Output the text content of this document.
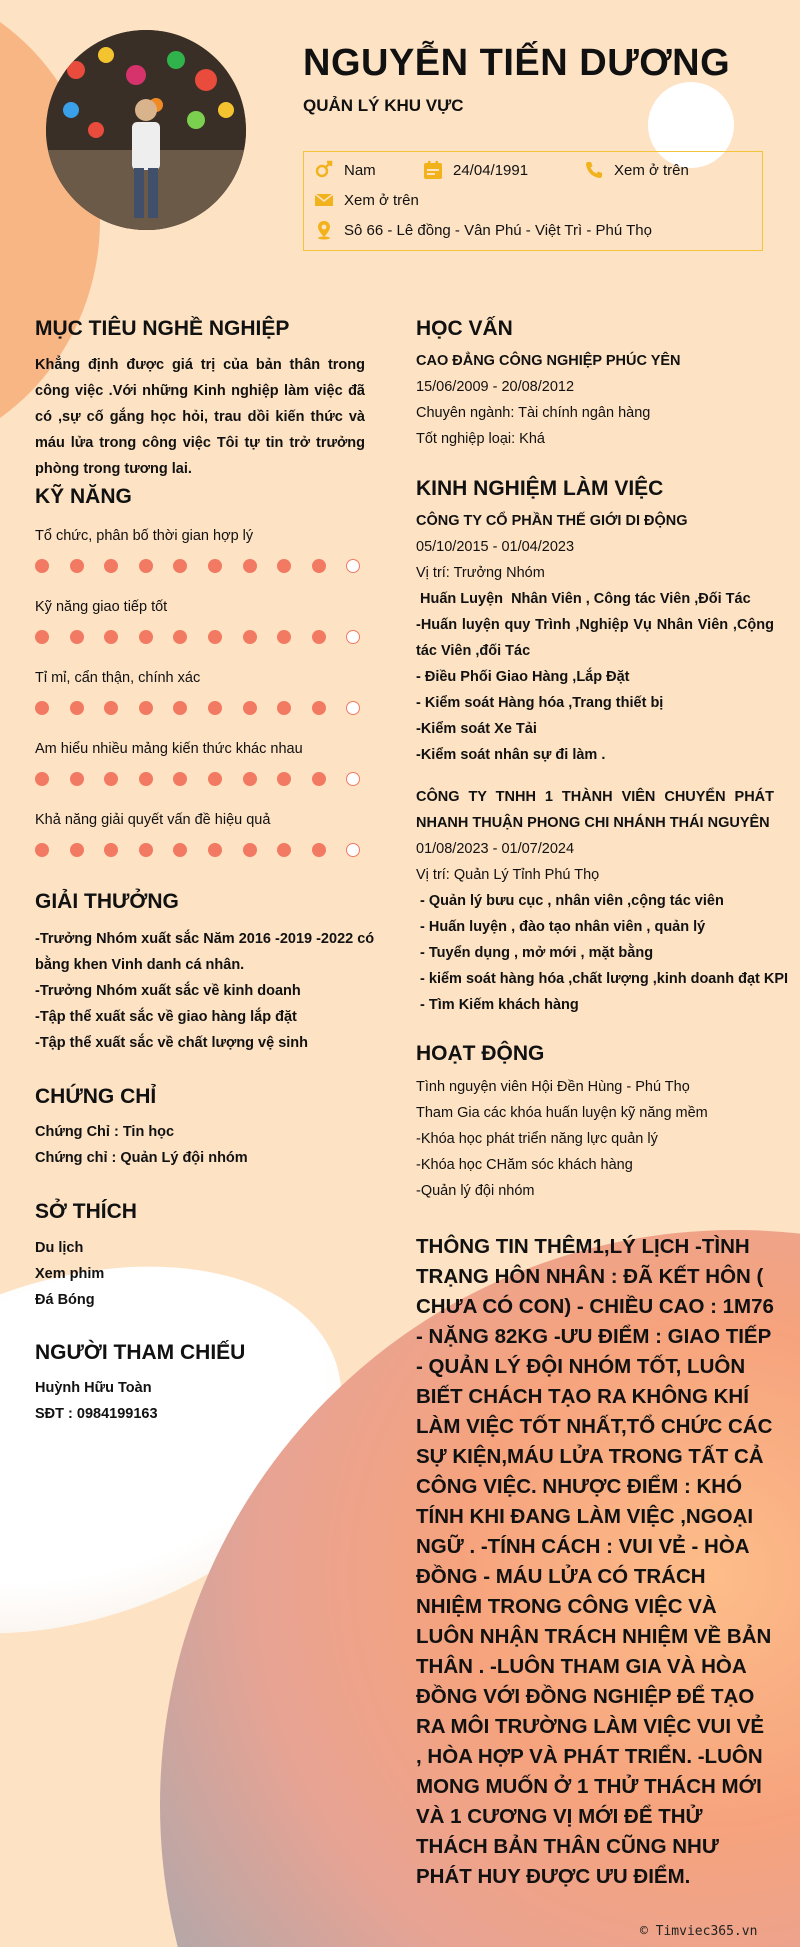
NGUYỄN TIẾN DƯƠNG
QUẢN LÝ KHU VỰC
Nam	24/04/1991	Xem ở trên
Xem ở trên
Sô 66 - Lê đồng - Vân Phú - Việt Trì - Phú Thọ
MỤC TIÊU NGHỀ NGHIỆP
Khẳng định được giá trị của bản thân trong công việc .Với những Kinh nghiệp làm việc đã có ,sự cố gắng học hỏi, trau dồi kiến thức và máu lửa trong công việc Tôi tự tin trở trưởng phòng trong tương lai.
KỸ NĂNG
Tổ chức, phân bố thời gian hợp lý
Kỹ năng giao tiếp tốt
Tỉ mỉ, cẩn thận, chính xác
Am hiểu nhiều mảng kiến thức khác nhau
Khả năng giải quyết vấn đề hiệu quả
GIẢI THƯỞNG
-Trưởng Nhóm xuất sắc Năm 2016 -2019 -2022 có bằng khen Vinh danh cá nhân.
-Trưởng Nhóm xuất sắc về kinh doanh
-Tập thể xuất sắc về giao hàng lắp đặt
-Tập thể xuất sắc về chất lượng vệ sinh
CHỨNG CHỈ
Chứng Chỉ : Tin học
Chứng chỉ : Quản Lý đội nhóm
SỞ THÍCH
Du lịch
Xem phim
Đá Bóng
NGƯỜI THAM CHIẾU
Huỳnh Hữu Toàn
SĐT : 0984199163
HỌC VẤN
CAO ĐẲNG CÔNG NGHIỆP PHÚC YÊN
15/06/2009 - 20/08/2012
Chuyên ngành: Tài chính ngân hàng
Tốt nghiệp loại: Khá
KINH NGHIỆM LÀM VIỆC
CÔNG TY CỔ PHẦN THẾ GIỚI DI ĐỘNG
05/10/2015 - 01/04/2023
Vị trí: Trưởng Nhóm
Huấn Luyện  Nhân Viên , Công tác Viên ,Đối Tác
-Huấn luyện quy Trình ,Nghiệp Vụ Nhân Viên ,Cộng tác Viên ,đối Tác
- Điều Phối Giao Hàng ,Lắp Đặt
- Kiểm soát Hàng hóa ,Trang thiết bị
-Kiểm soát Xe Tải
-Kiểm soát nhân sự đi làm .
CÔNG TY TNHH 1 THÀNH VIÊN CHUYỂN PHÁT NHANH THUẬN PHONG CHI NHÁNH THÁI NGUYÊN
01/08/2023 - 01/07/2024
Vị trí: Quản Lý Tỉnh Phú Thọ
- Quản lý bưu cục , nhân viên ,cộng tác viên
- Huấn luyện , đào tạo nhân viên , quản lý
- Tuyển dụng , mở mới , mặt bằng
- kiểm soát hàng hóa ,chất lượng ,kinh doanh đạt KPI
- Tìm Kiếm khách hàng
HOẠT ĐỘNG
Tình nguyện viên Hội Đền Hùng - Phú Thọ
Tham Gia các khóa huấn luyện kỹ năng mềm
-Khóa học phát triển năng lực quản lý
-Khóa học CHăm sóc khách hàng
-Quản lý đội nhóm
THÔNG TIN THÊM1,LÝ LỊCH -TÌNH TRẠNG HÔN NHÂN : ĐÃ KẾT HÔN ( CHƯA CÓ CON) - CHIỀU CAO : 1M76 - NẶNG 82KG -ƯU ĐIỂM : GIAO TIẾP - QUẢN LÝ ĐỘI NHÓM TỐT, LUÔN BIẾT CHÁCH TẠO RA KHÔNG KHÍ LÀM VIỆC TỐT NHẤT,TỔ CHỨC CÁC SỰ KIỆN,MÁU LỬA TRONG TẤT CẢ CÔNG VIỆC. NHƯỢC ĐIỂM : KHÓ TÍNH KHI ĐANG LÀM VIỆC ,NGOẠI NGỮ . -TÍNH CÁCH : VUI VẺ - HÒA ĐỒNG - MÁU LỬA CÓ TRÁCH NHIỆM TRONG CÔNG VIỆC VÀ LUÔN NHẬN TRÁCH NHIỆM VỀ BẢN THÂN . -LUÔN THAM GIA VÀ HÒA ĐỒNG VỚI ĐỒNG NGHIỆP ĐỂ TẠO RA MÔI TRƯỜNG LÀM VIỆC VUI VẺ , HÒA HỢP VÀ PHÁT TRIỂN. -LUÔN MONG MUỐN Ở 1 THỬ THÁCH MỚI VÀ 1 CƯƠNG VỊ MỚI ĐỂ THỬ THÁCH BẢN THÂN CŨNG NHƯ PHÁT HUY ĐƯỢC ƯU ĐIỂM.
© Timviec365.vn
